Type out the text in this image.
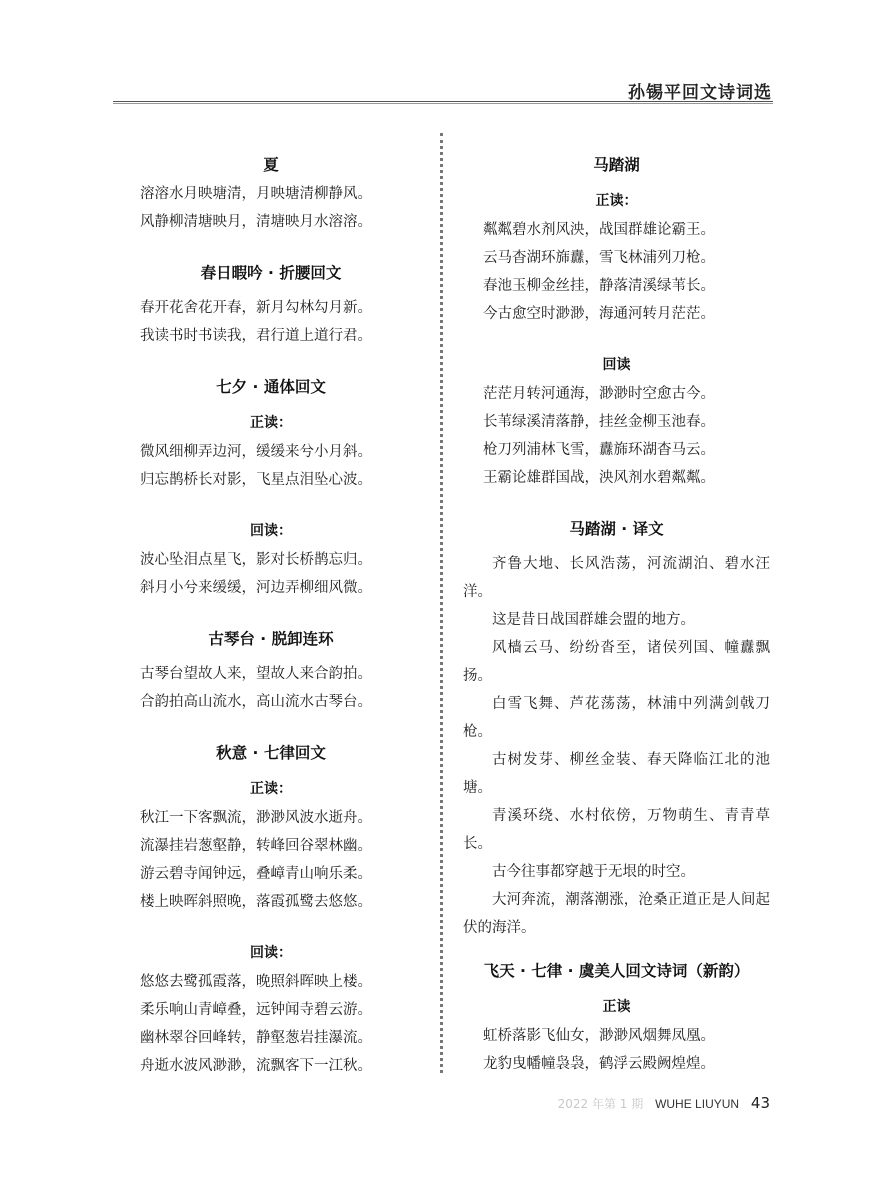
孙锡平回文诗词选
夏
溶溶水月映塘清，月映塘清柳静风。
风静柳清塘映月，清塘映月水溶溶。
春日暇吟 · 折腰回文
春开花舍花开春，新月勾林勾月新。
我读书时书读我，君行道上道行君。
七夕 · 通体回文
正读：
微风细柳弄边河，缓缓来兮小月斜。
归忘鹊桥长对影，飞星点泪坠心波。
回读：
波心坠泪点星飞，影对长桥鹊忘归。
斜月小兮来缓缓，河边弄柳细风微。
古琴台 · 脱卸连环
古琴台望故人来，望故人来合韵拍。
合韵拍高山流水，高山流水古琴台。
秋意 · 七律回文
正读：
秋江一下客飘流，渺渺风波水逝舟。
流瀑挂岩葱壑静，转峰回谷翠林幽。
游云碧寺闻钟远，叠嶂青山响乐柔。
楼上映晖斜照晚，落霞孤鹭去悠悠。
回读：
悠悠去鹭孤霞落，晚照斜晖映上楼。
柔乐响山青嶂叠，远钟闻寺碧云游。
幽林翠谷回峰转，静壑葱岩挂瀑流。
舟逝水波风渺渺，流飘客下一江秋。
马踏湖
正读：
粼粼碧水剂风泱，战国群雄论霸王。
云马杳湖环旆纛，雪飞林浦列刀枪。
春池玉柳金丝挂，静落清溪绿苇长。
今古愈空时渺渺，海通河转月茫茫。
回读
茫茫月转河通海，渺渺时空愈古今。
长苇绿溪清落静，挂丝金柳玉池春。
枪刀列浦林飞雪，纛旆环湖杳马云。
王霸论雄群国战，泱风剂水碧粼粼。
马踏湖 · 译文
齐鲁大地、长风浩荡，河流湖泊、碧水汪洋。
这是昔日战国群雄会盟的地方。
风樯云马、纷纷沓至，诸侯列国、幢纛飘扬。
白雪飞舞、芦花荡荡，林浦中列满剑戟刀枪。
古树发芽、柳丝金装、春天降临江北的池塘。
青溪环绕、水村依傍，万物萌生、青青草长。
古今往事都穿越于无垠的时空。
大河奔流，潮落潮涨，沧桑正道正是人间起伏的海洋。
飞天 · 七律 · 虞美人回文诗词（新韵）
正读
虹桥落影飞仙女，渺渺风烟舞凤凰。
龙豹曳幡幢袅袅，鹤浮云殿阙煌煌。
2022 年第 1 期 WUHE LIUYUN 43
